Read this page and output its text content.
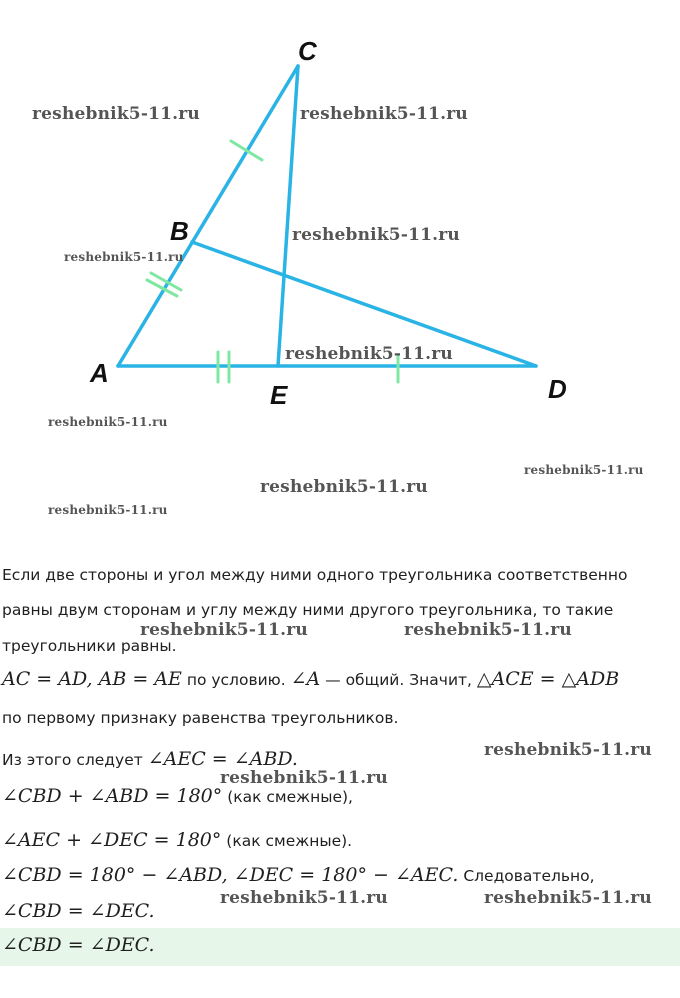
C
B
A
E	D
reshebnik5-11.ru	reshebnik5-11.ru
reshebnik5-11.ru
reshebnik5-11.ru
reshebnik5-11.ru
reshebnik5-11.ru
reshebnik5-11.ru
reshebnik5-11.ru
reshebnik5-11.ru
Если две стороны и угол между ними одного треугольника соответственно
равны двум сторонам и углу между ними другого треугольника, то такие
треугольники равны.
AC = AD, AB = AE по условию. ∠A — общий. Значит, △ACE = △ADB
по первому признаку равенства треугольников.
Из этого следует ∠AEC = ∠ABD.
∠CBD + ∠ABD = 180° (как смежные),
∠AEC + ∠DEC = 180° (как смежные).
∠CBD = 180° − ∠ABD, ∠DEC = 180° − ∠AEC. Следовательно,
∠CBD = ∠DEC.
reshebnik5-11.ru	reshebnik5-11.ru
reshebnik5-11.ru
reshebnik5-11.ru
reshebnik5-11.ru	reshebnik5-11.ru
∠CBD = ∠DEC.
